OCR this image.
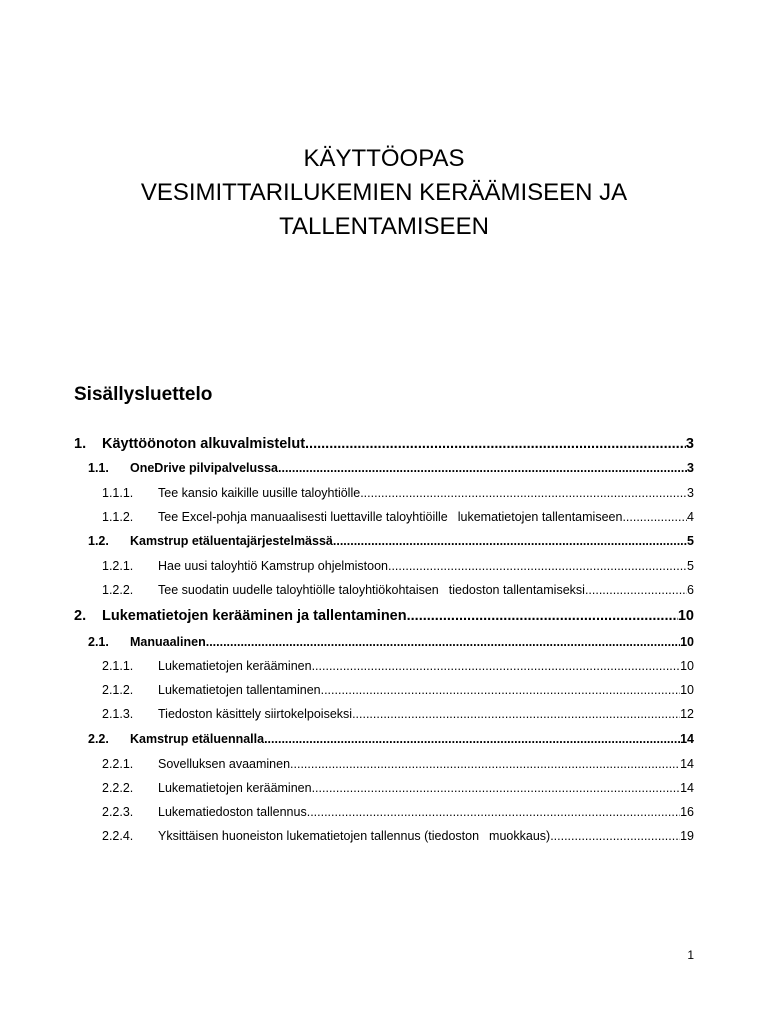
KÄYTTÖOPAS
VESIMITTARILUKEMIEN KERÄÄMISEEN JA
TALLENTAMISEEN
Sisällysluettelo
1.	Käyttöönoton alkuvalmistelut .....	3
1.1.	OneDrive pilvipalvelussa .....	3
1.1.1.	Tee kansio kaikille uusille taloyhtiölle .....	3
1.1.2.	Tee Excel-pohja manuaalisesti luettaville taloyhtiöille lukematietojen tallentamiseen .....	4
1.2.	Kamstrup etäluentajärjestelmässä .....	5
1.2.1.	Hae uusi taloyhtiö Kamstrup ohjelmistoon .....	5
1.2.2.	Tee suodatin uudelle taloyhtiölle taloyhtiökohtaisen tiedoston tallentamiseksi .....	6
2.	Lukematietojen kerääminen ja tallentaminen .....	10
2.1.	Manuaalinen .....	10
2.1.1.	Lukematietojen kerääminen .....	10
2.1.2.	Lukematietojen tallentaminen .....	10
2.1.3.	Tiedoston käsittely siirtokelpoiseksi .....	12
2.2.	Kamstrup etäluennalla .....	14
2.2.1.	Sovelluksen avaaminen .....	14
2.2.2.	Lukematietojen kerääminen .....	14
2.2.3.	Lukematiedoston tallennus .....	16
2.2.4.	Yksittäisen huoneiston lukematietojen tallennus (tiedoston muokkaus) .....	19
1
